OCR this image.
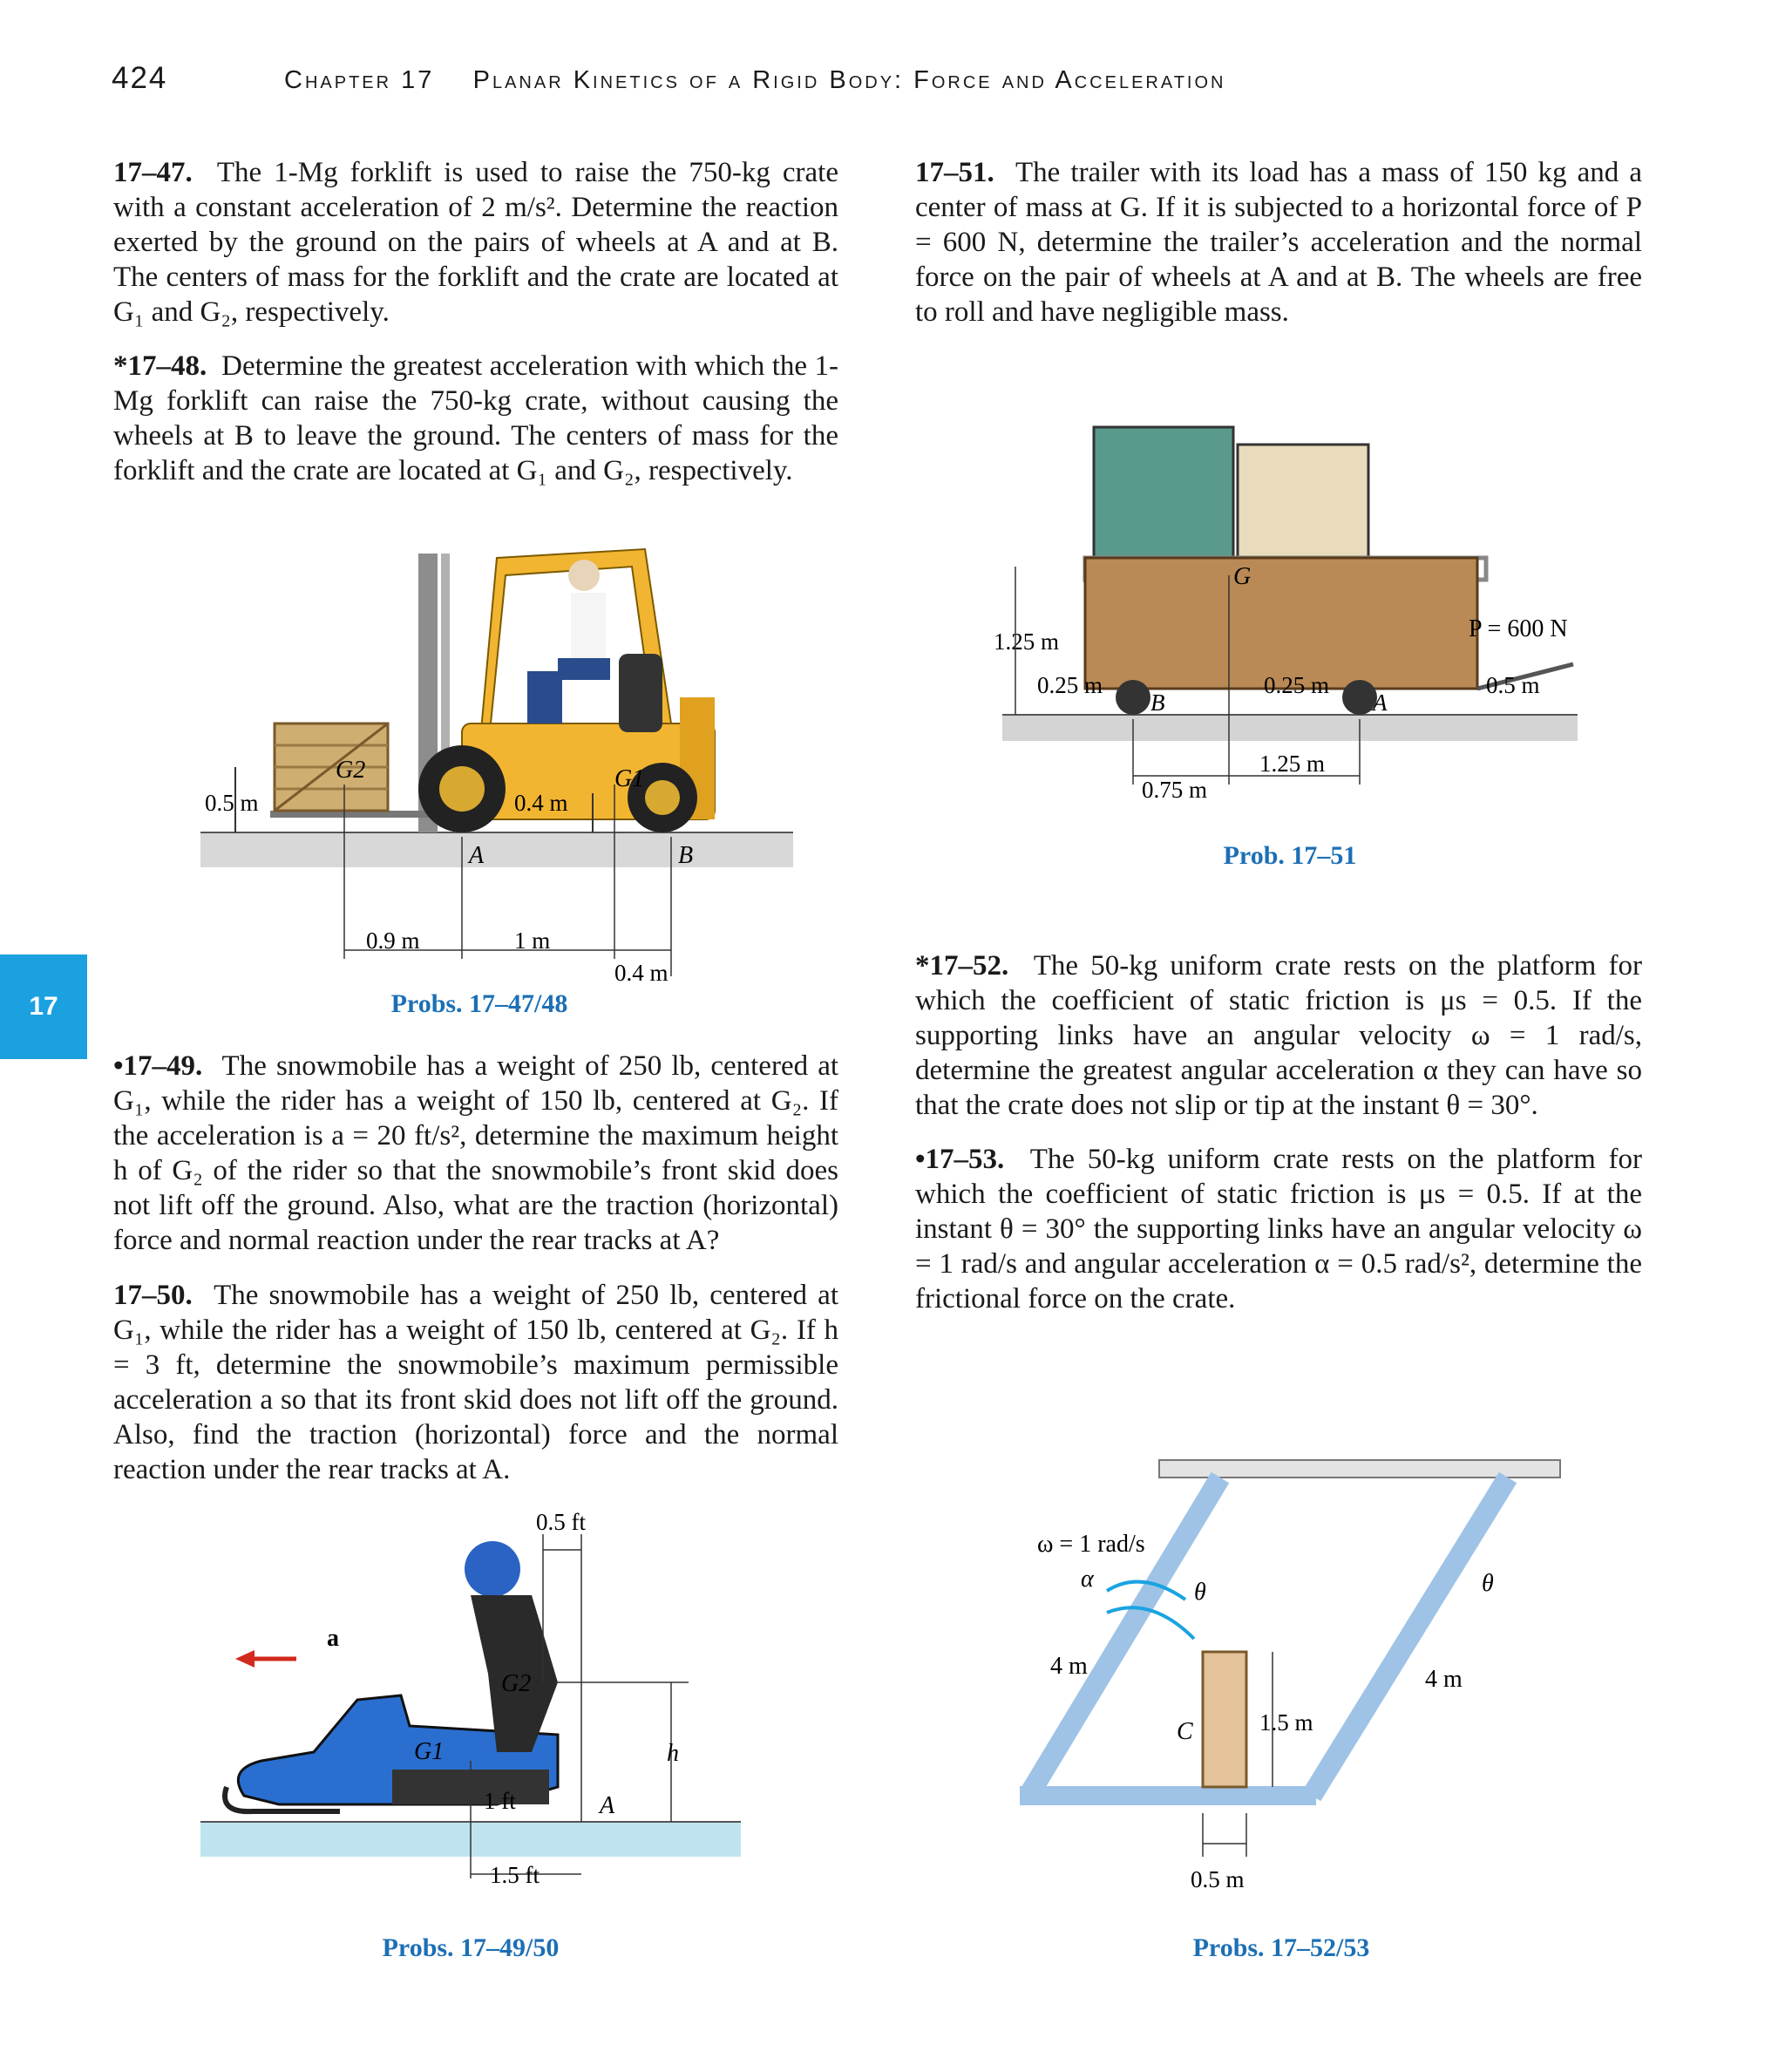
424	Chapter 17 Planar Kinetics of a Rigid Body: Force and Acceleration
17
17–47. The 1-Mg forklift is used to raise the 750-kg crate with a constant acceleration of 2 m/s². Determine the reaction exerted by the ground on the pairs of wheels at A and at B. The centers of mass for the forklift and the crate are located at G₁ and G₂, respectively.
*17–48. Determine the greatest acceleration with which the 1-Mg forklift can raise the 750-kg crate, without causing the wheels at B to leave the ground. The centers of mass for the forklift and the crate are located at G₁ and G₂, respectively.
G2	G1
A	B
0.5 m	0.4 m
0.9 m	1 m
0.4 m
Probs. 17–47/48
•17–49. The snowmobile has a weight of 250 lb, centered at G₁, while the rider has a weight of 150 lb, centered at G₂. If the acceleration is a = 20 ft/s², determine the maximum height h of G₂ of the rider so that the snowmobile’s front skid does not lift off the ground. Also, what are the traction (horizontal) force and normal reaction under the rear tracks at A?
17–50. The snowmobile has a weight of 250 lb, centered at G₁, while the rider has a weight of 150 lb, centered at G₂. If h = 3 ft, determine the snowmobile’s maximum permissible acceleration a so that its front skid does not lift off the ground. Also, find the traction (horizontal) force and the normal reaction under the rear tracks at A.
a
G1
G2
A
0.5 ft
h
1 ft
1.5 ft
Probs. 17–49/50
17–51. The trailer with its load has a mass of 150 kg and a center of mass at G. If it is subjected to a horizontal force of P = 600 N, determine the trailer’s acceleration and the normal force on the pair of wheels at A and at B. The wheels are free to roll and have negligible mass.
G
P = 600 N
1.25 m
0.25 m	0.25 m
B	A
0.5 m
0.75 m
1.25 m
Prob. 17–51
*17–52. The 50-kg uniform crate rests on the platform for which the coefficient of static friction is μs = 0.5. If the supporting links have an angular velocity ω = 1 rad/s, determine the greatest angular acceleration α they can have so that the crate does not slip or tip at the instant θ = 30°.
•17–53. The 50-kg uniform crate rests on the platform for which the coefficient of static friction is μs = 0.5. If at the instant θ = 30° the supporting links have an angular velocity ω = 1 rad/s and angular acceleration α = 0.5 rad/s², determine the frictional force on the crate.
ω = 1 rad/s
α	θ	θ
4 m	4 m
C	1.5 m
0.5 m
Probs. 17–52/53
